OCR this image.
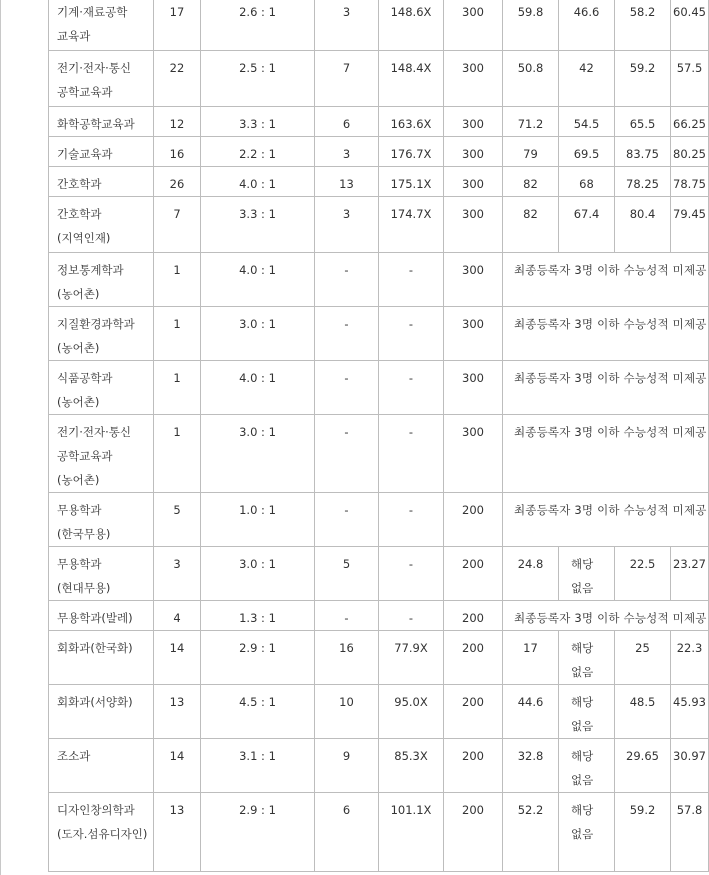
기계·재료공학 교육과	17	2.6 : 1	3	148.6X	300	59.8	46.6	58.2	60.45
전기·전자·통신 공학교육과	22	2.5 : 1	7	148.4X	300	50.8	42	59.2	57.5
화학공학교육과	12	3.3 : 1	6	163.6X	300	71.2	54.5	65.5	66.25
기술교육과	16	2.2 : 1	3	176.7X	300	79	69.5	83.75	80.25
간호학과	26	4.0 : 1	13	175.1X	300	82	68	78.25	78.75
간호학과 (지역인재)	7	3.3 : 1	3	174.7X	300	82	67.4	80.4	79.45
정보통계학과 (농어촌)	1	4.0 : 1	-	-	300	최종등록자 3명 이하 수능성적 미제공			
지질환경과학과 (농어촌)	1	3.0 : 1	-	-	300	최종등록자 3명 이하 수능성적 미제공			
식품공학과 (농어촌)	1	4.0 : 1	-	-	300	최종등록자 3명 이하 수능성적 미제공			
전기·전자·통신 공학교육과 (농어촌)	1	3.0 : 1	-	-	300	최종등록자 3명 이하 수능성적 미제공			
무용학과 (한국무용)	5	1.0 : 1	-	-	200	최종등록자 3명 이하 수능성적 미제공			
무용학과 (현대무용)	3	3.0 : 1	5	-	200	24.8	해당 없음	22.5	23.27
무용학과(발레)	4	1.3 : 1	-	-	200	최종등록자 3명 이하 수능성적 미제공			
회화과(한국화)	14	2.9 : 1	16	77.9X	200	17	해당 없음	25	22.3
회화과(서양화)	13	4.5 : 1	10	95.0X	200	44.6	해당 없음	48.5	45.93
조소과	14	3.1 : 1	9	85.3X	200	32.8	해당 없음	29.65	30.97
디자인창의학과 (도자.섬유디자인)	13	2.9 : 1	6	101.1X	200	52.2	해당 없음	59.2	57.8
